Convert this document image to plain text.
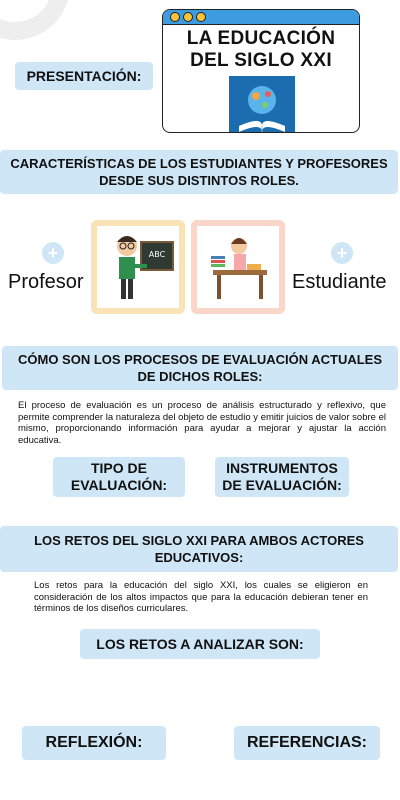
LA EDUCACIÓN
DEL SIGLO XXI
PRESENTACIÓN:
CARACTERÍSTICAS DE LOS ESTUDIANTES Y PROFESORES
DESDE SUS DISTINTOS ROLES.
+	+
Profesor	Estudiante
ABC
CÓMO SON LOS PROCESOS DE EVALUACIÓN ACTUALES
DE DICHOS ROLES:
El proceso de evaluación es un proceso de análisis estructurado y reflexivo, que permite comprender la naturaleza del objeto de estudio y emitir juicios de valor sobre el mismo, proporcionando información para ayudar a mejorar y ajustar la acción educativa.
TIPO DE
EVALUACIÓN:
INSTRUMENTOS
DE EVALUACIÓN:
LOS RETOS DEL SIGLO XXI PARA AMBOS ACTORES
EDUCATIVOS:
Los retos para la educación del siglo XXI, los cuales se eligieron en consideración de los altos impactos que para la educación debieran tener en términos de los diseños curriculares.
LOS RETOS A ANALIZAR SON:
REFLEXIÓN:	REFERENCIAS:
